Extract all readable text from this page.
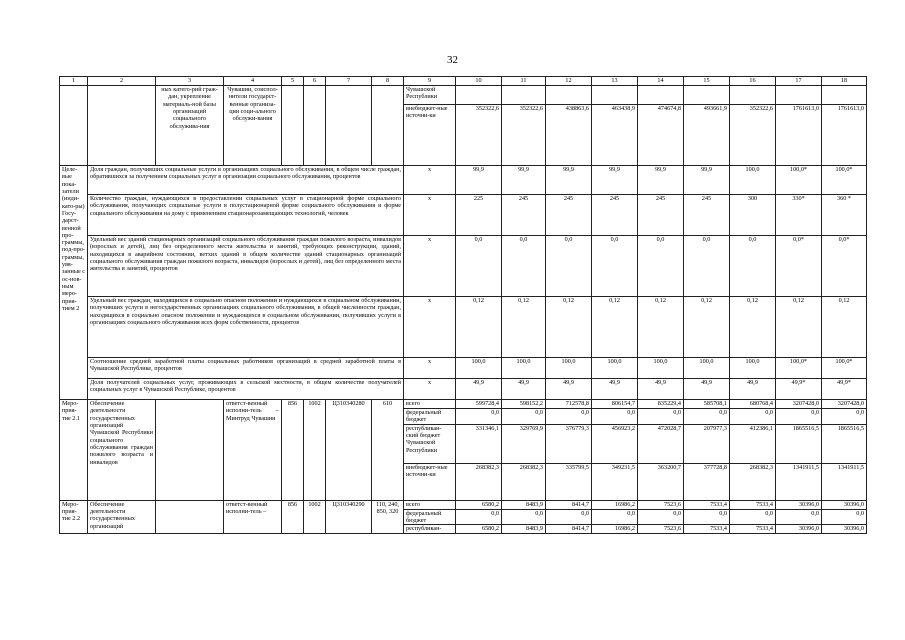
32
1	2	3	4	5	6	7	8	9	10	11	12	13	14	15	16	17	18
		ных катего-рий граж-дан, укрепление материаль-ной базы организаций социального обслужива-ния	Чувашии, соиспол-нители государст-венные организа-ции соци-ального обслужи-вания					Чувашской Республики									
								внебюджет-ные источни-ки	352322,6	352322,6	438863,6	463438,9	474674,8	493661,9	352322,6	1761613,0	1761613,0
Целе-вые пока-затели (инди-като-ры) Госу-дарст-венной про-граммы, под-про-граммы, увя-занные с ос-нов-ным меро-прия-тием 2	Доля граждан, получивших социальные услуги в организациях социального обслуживания, в общем числе граждан, обратившихся за получением социальных услуг в организации социального обслуживания, процентов							x	99,9	99,9	99,9	99,9	99,9	99,9	100,0	100,0*	100,0*
	Количество граждан, нуждающихся в предоставлении социальных услуг в стационарной форме социального обслуживания, получающих социальные услуги в полустационарной форме социального обслуживания и форме социального обслуживания на дому с применением стационарозамещающих технологий, человек							x	225	245	245	245	245	245	300	330*	360 *
	Удельный вес зданий стационарных организаций социального обслуживания граждан пожилого возраста, инвалидов (взрослых и детей), лиц без определенного места жительства и занятий, требующих реконструкции, зданий, находящихся в аварийном состоянии, ветхих зданий в общем количестве зданий стационарных организаций социального обслуживания граждан пожилого возраста, инвалидов (взрослых и детей), лиц без определенного места жительства и занятий, процентов							x	0,0	0,0	0,0	0,0	0,0	0,0	0,0	0,0*	0,0*
	Удельный вес граждан, находящихся в социально опасном положении и нуждающихся в социальном обслуживании, получивших услуги в негосударственных организациях социального обслуживания, в общей численности граждан, находящихся в социально опасном положении и нуждающихся в социальном обслуживании, получивших услуги в организациях социального обслуживания всех форм собственности, процентов							x	0,12	0,12	0,12	0,12	0,12	0,12	0,12	0,12	0,12
	Соотношение средней заработной платы социальных работников организаций в средней заработной платы в Чувашской Республике, процентов							x	100,0	100,0	100,0	100,0	100,0	100,0	100,0	100,0*	100,0*
	Доля получателей социальных услуг, проживающих в сельской местности, в общем количестве получателей социальных услуг в Чувашской Республике, процентов							x	49,9	49,9	49,9	49,9	49,9	49,9	49,9	49,9*	49,9*
Меро-прия-тие 2.1	Обеспечение деятельности государственных организаций Чувашской Республики социального обслуживания граждан пожилого возраста и инвалидов		ответст-венный исполни-тель – Минтруд Чувашии	856	1002	Ц310340280	610	всего	599728,4	598152,2	712578,8	806154,7	835229,4	585708,1	680768,4	3207428,0	3207428,0
								федеральный бюджет	0,0	0,0	0,0	0,0	0,0	0,0	0,0	0,0	0,0
								республикан-ский бюджет Чувашской Республики	331346,1	329769,9	376779,3	456923,2	472028,7	207977,3	412386,1	1865516,5	1865516,5
								внебюджет-ные источни-ки	268382,3	268382,3	335799,5	349231,5	363200,7	377728,8	268382,3	1341911,5	1341911,5
Меро-прия-тие 2.2	Обеспечение деятельности государственных организаций		ответст-венный исполни-тель –	856	1002	Ц310340290	110, 240, 850, 320	всего	6580,2	8483,9	8414,7	16986,2	7523,6	7533,4	7533,4	30396,0	30396,0
								федеральный бюджет	0,0	0,0	0,0	0,0	0,0	0,0	0,0	0,0	0,0
								республикан-	6580,2	8483,9	8414,7	16986,2	7523,6	7533,4	7533,4	30396,0	30396,0
